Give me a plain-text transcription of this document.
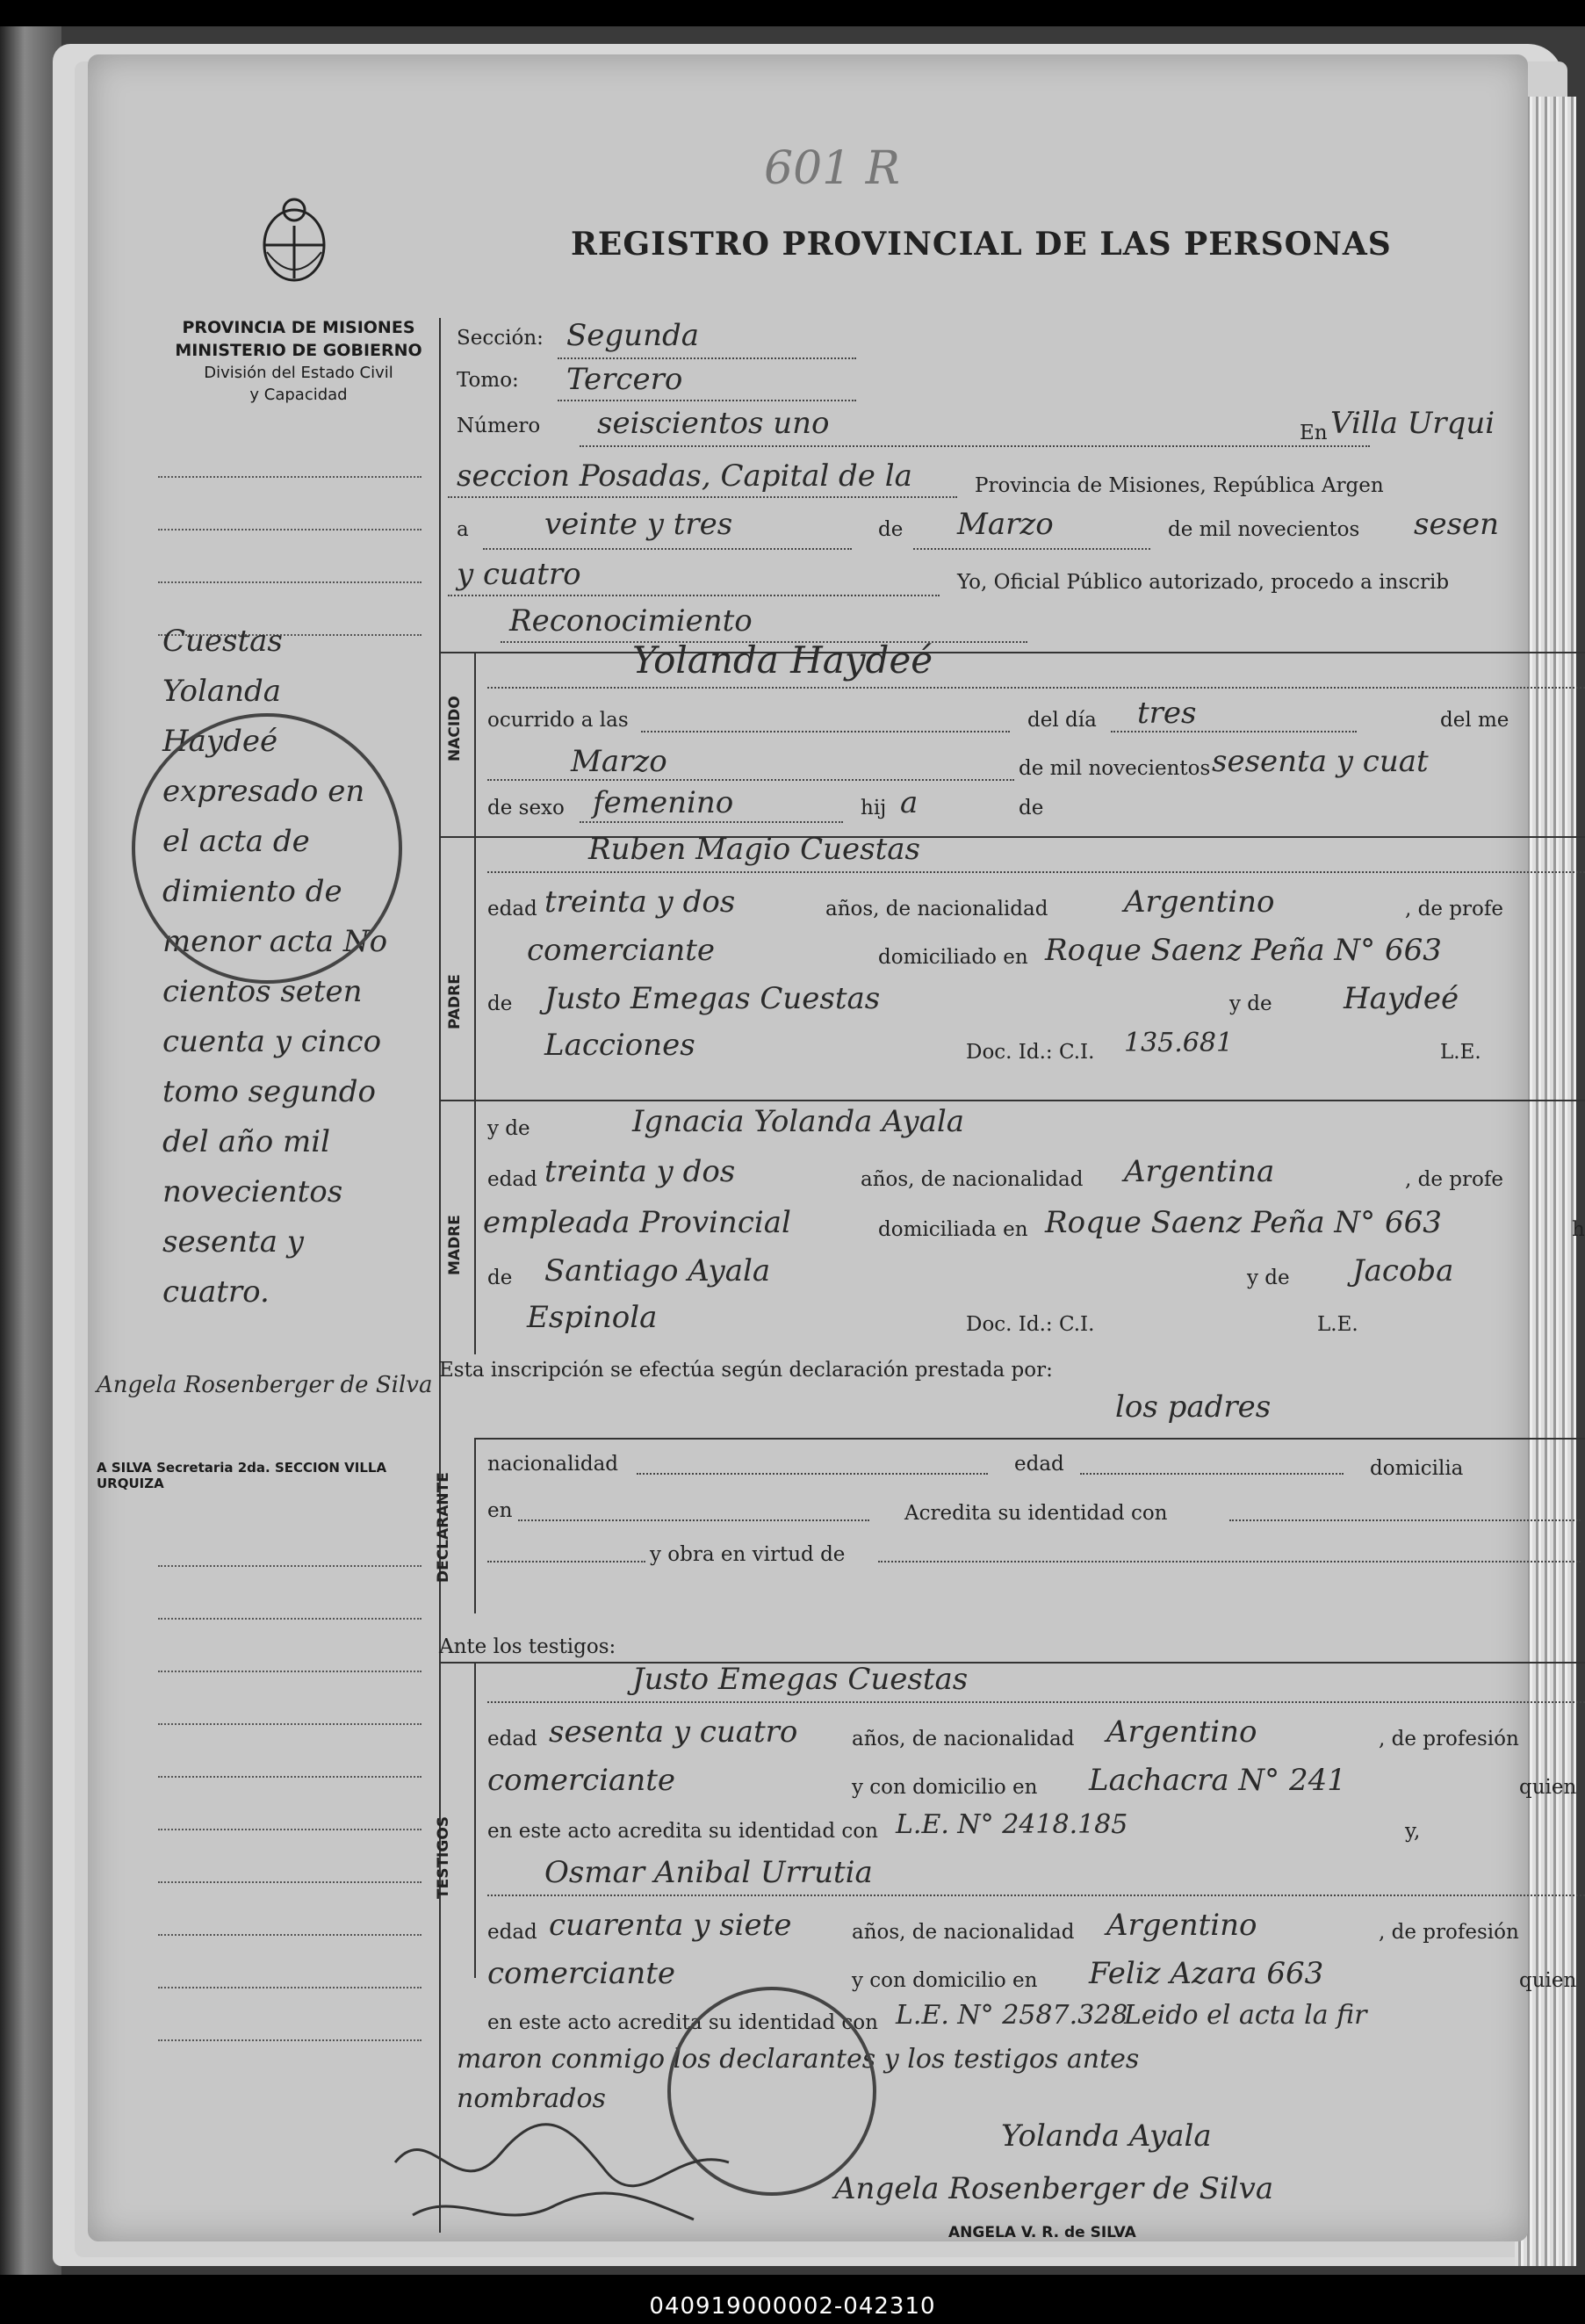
601 R
REGISTRO PROVINCIAL DE LAS PERSONAS
PROVINCIA DE MISIONES
MINISTERIO DE GOBIERNO
División del Estado Civil
y Capacidad
Cuestas
Yolanda
Haydeé
expresado en
el acta de
dimiento de
menor acta No
cientos seten
cuenta y cinco
tomo segundo
del año mil
novecientos
sesenta y
cuatro.
Angela Rosenberger de Silva
A SILVA Secretaria 2da. SECCION VILLA URQUIZA
Sección: Segunda
Tomo: Tercero
Número seiscientos uno	En Villa Urqui
seccion Posadas, Capital de la	Provincia de Misiones, República Argen
a	veinte y tres	de Marzo	de mil novecientos sesen
y cuatro	Yo, Oficial Público autorizado, procedo a inscrib
Reconocimiento
NACIDO
Yolanda Haydeé
ocurrido a las	del día tres	del me
Marzo	de mil novecientos sesenta y cuat
de sexo femenino	hij a	de
PADRE
Ruben Magio Cuestas
edad treinta y dos	años, de nacionalidad	Argentino	, de profe
comerciante	domiciliado en Roque Saenz Peña N° 663
de Justo Emegas Cuestas	y de Haydeé
Lacciones	Doc. Id.: C.I. 135.681	L.E.
MADRE
y de	Ignacia Yolanda Ayala
edad treinta y dos	años, de nacionalidad Argentina	, de profe
empleada Provincial	domiciliada en Roque Saenz Peña N° 663	h
de Santiago Ayala	y de Jacoba
Espinola	Doc. Id.: C.I.	L.E.
Esta inscripción se efectúa según declaración prestada por:
los padres
DECLARANTE
nacionalidad	edad	domicilia
en	Acredita su identidad con
y obra en virtud de
Ante los testigos:
TESTIGOS
Justo Emegas Cuestas
edad sesenta y cuatro	años, de nacionalidad Argentino	, de profesión
comerciante	y con domicilio en Lachacra N° 241	quien
en este acto acredita su identidad con L.E. N° 2418.185	y,
Osmar Anibal Urrutia
edad cuarenta y siete	años, de nacionalidad Argentino	, de profesión
comerciante	y con domicilio en Feliz Azara 663	quien
en este acto acredita su identidad con L.E. N° 2587.328
Leido el acta la fir
maron conmigo los declarantes y los testigos antes
nombrados
Yolanda Ayala
Angela Rosenberger de Silva
ANGELA V. R. de SILVA
040919000002-042310
